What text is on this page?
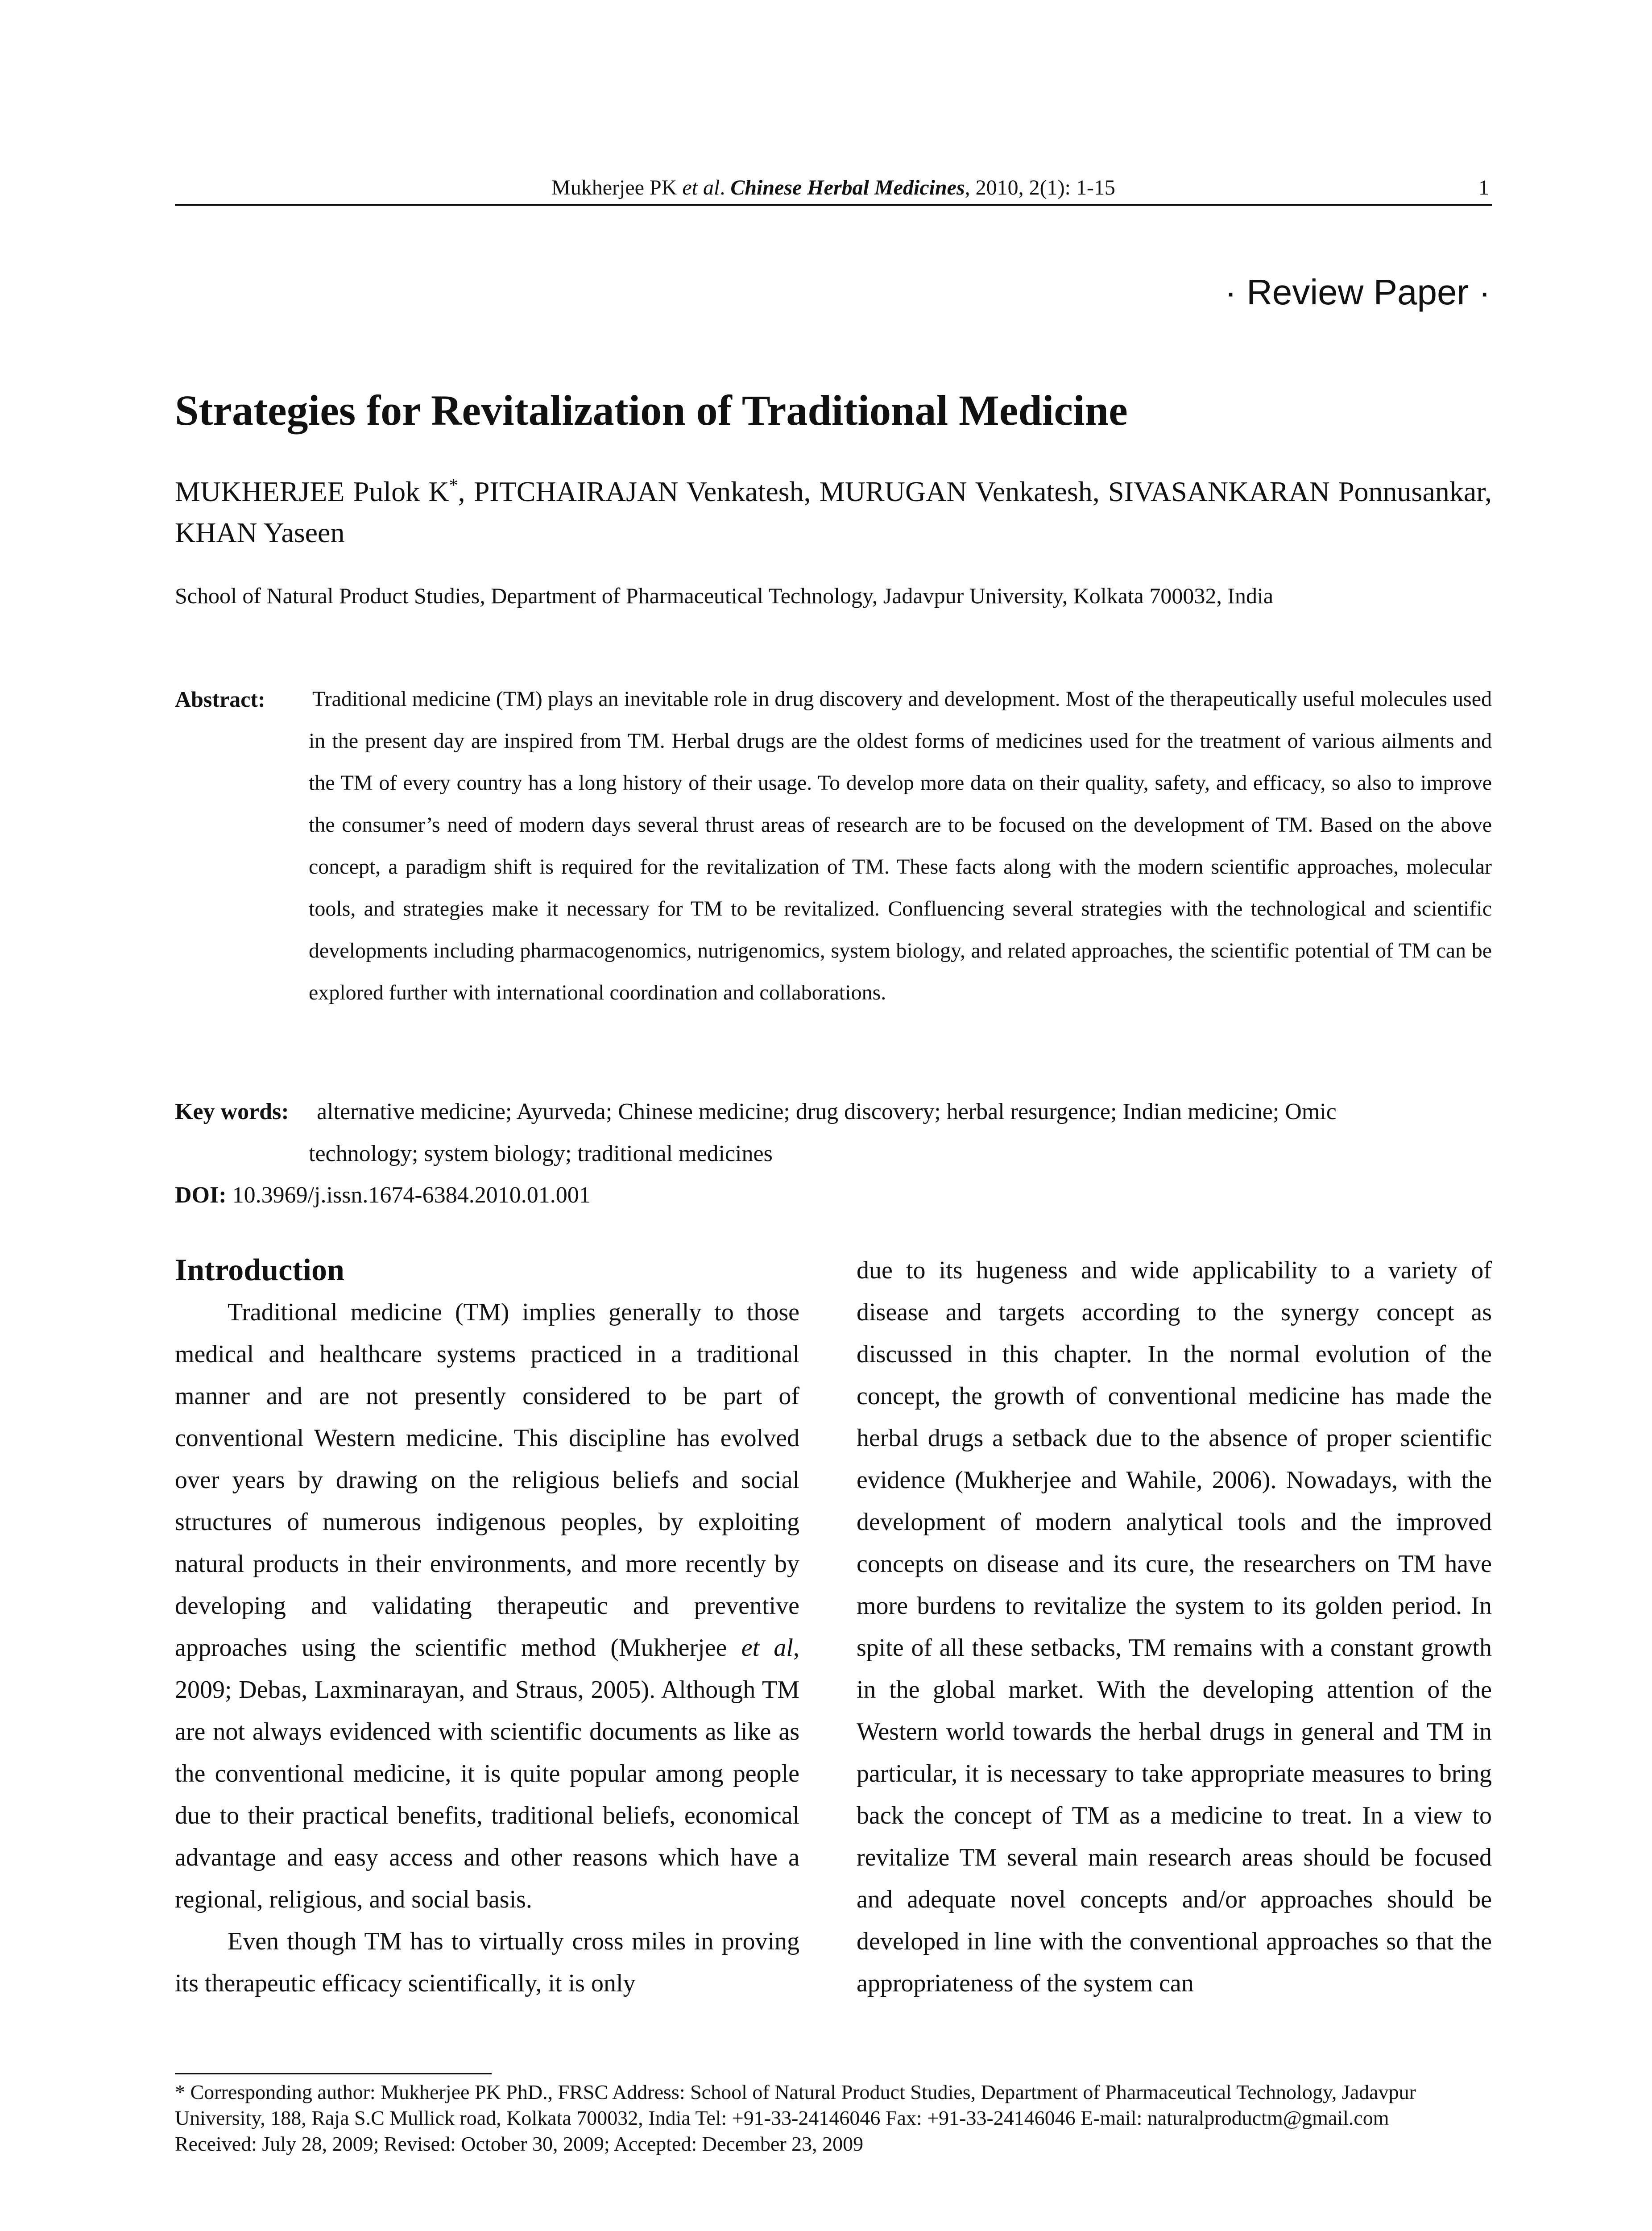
Mukherjee PK et al. Chinese Herbal Medicines, 2010, 2(1): 1-15	1
· Review Paper ·
Strategies for Revitalization of Traditional Medicine
MUKHERJEE Pulok K*, PITCHAIRAJAN Venkatesh, MURUGAN Venkatesh, SIVASANKARAN Ponnusankar, KHAN Yaseen
School of Natural Product Studies, Department of Pharmaceutical Technology, Jadavpur University, Kolkata 700032, India
Abstract: Traditional medicine (TM) plays an inevitable role in drug discovery and development. Most of the therapeutically useful molecules used in the present day are inspired from TM. Herbal drugs are the oldest forms of medicines used for the treatment of various ailments and the TM of every country has a long history of their usage. To develop more data on their quality, safety, and efficacy, so also to improve the consumer’s need of modern days several thrust areas of research are to be focused on the development of TM. Based on the above concept, a paradigm shift is required for the revitalization of TM. These facts along with the modern scientific approaches, molecular tools, and strategies make it necessary for TM to be revitalized. Confluencing several strategies with the technological and scientific developments including pharmacogenomics, nutrigenomics, system biology, and related approaches, the scientific potential of TM can be explored further with international coordination and collaborations.
Key words:	alternative medicine; Ayurveda; Chinese medicine; drug discovery; herbal resurgence; Indian medicine; Omic
technology; system biology; traditional medicines
DOI: 10.3969/j.issn.1674-6384.2010.01.001
Introduction

Traditional medicine (TM) implies generally to those medical and healthcare systems practiced in a traditional manner and are not presently considered to be part of conventional Western medicine. This discipline has evolved over years by drawing on the religious beliefs and social structures of numerous indigenous peoples, by exploiting natural products in their environments, and more recently by developing and validating therapeutic and preventive approaches using the scientific method (Mukherjee et al, 2009; Debas, Laxminarayan, and Straus, 2005). Although TM are not always evidenced with scientific documents as like as the conventional medicine, it is quite popular among people due to their practical benefits, traditional beliefs, economical advantage and easy access and other reasons which have a regional, religious, and social basis.

Even though TM has to virtually cross miles in proving its therapeutic efficacy scientifically, it is only

due to its hugeness and wide applicability to a variety of disease and targets according to the synergy concept as discussed in this chapter. In the normal evolution of the concept, the growth of conventional medicine has made the herbal drugs a setback due to the absence of proper scientific evidence (Mukherjee and Wahile, 2006). Nowadays, with the development of modern analytical tools and the improved concepts on disease and its cure, the researchers on TM have more burdens to revitalize the system to its golden period. In spite of all these setbacks, TM remains with a constant growth in the global market. With the developing attention of the Western world towards the herbal drugs in general and TM in particular, it is necessary to take appropriate measures to bring back the concept of TM as a medicine to treat. In a view to revitalize TM several main research areas should be focused and adequate novel concepts and/or approaches should be developed in line with the conventional approaches so that the appropriateness of the system can

* Corresponding author: Mukherjee PK PhD., FRSC Address: School of Natural Product Studies, Department of Pharmaceutical Technology, Jadavpur
University, 188, Raja S.C Mullick road, Kolkata 700032, India Tel: +91-33-24146046 Fax: +91-33-24146046 E-mail: naturalproductm@gmail.com
Received: July 28, 2009; Revised: October 30, 2009; Accepted: December 23, 2009
